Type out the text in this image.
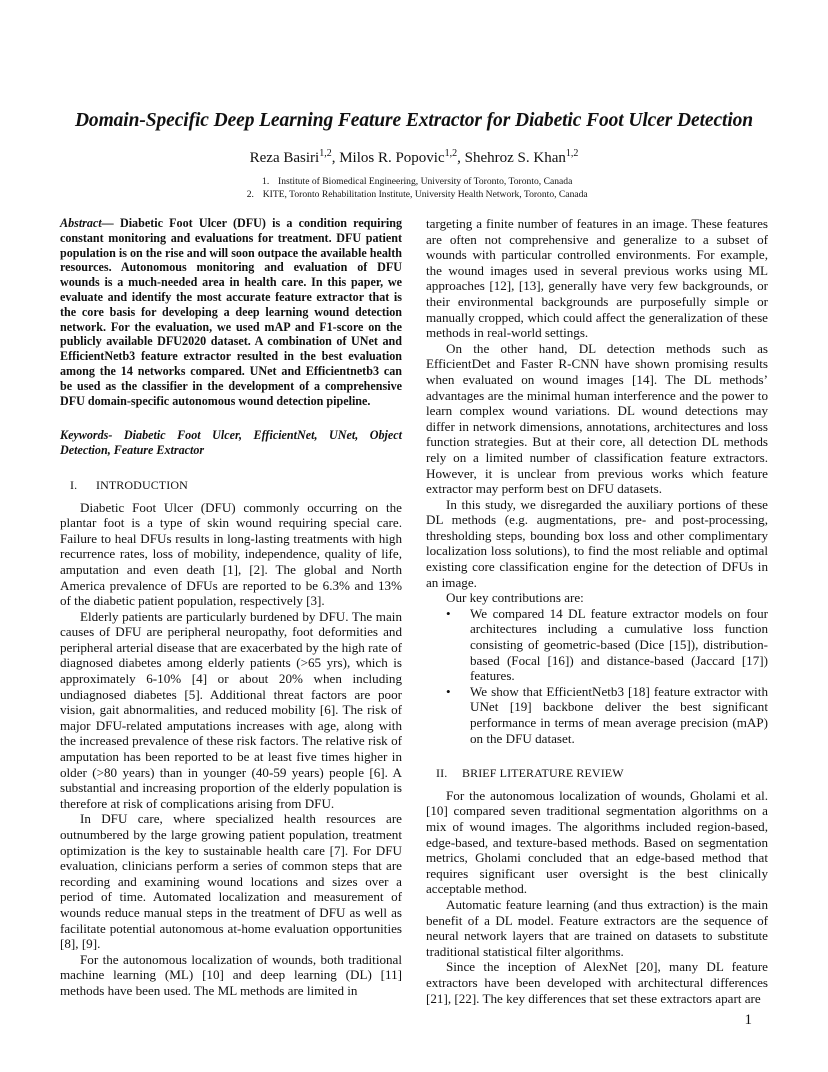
Domain-Specific Deep Learning Feature Extractor for Diabetic Foot Ulcer Detection
Reza Basiri$^{1,2}$, Milos R. Popovic$^{1,2}$, Shehroz S. Khan$^{1,2}$
1. Institute of Biomedical Engineering, University of Toronto, Toronto, Canada
2. KITE, Toronto Rehabilitation Institute, University Health Network, Toronto, Canada

Abstract— Diabetic Foot Ulcer (DFU) is a condition requiring constant monitoring and evaluations for treatment. DFU patient population is on the rise and will soon outpace the available health resources. Autonomous monitoring and evaluation of DFU wounds is a much-needed area in health care. In this paper, we evaluate and identify the most accurate feature extractor that is the core basis for developing a deep learning wound detection network. For the evaluation, we used mAP and F1-score on the publicly available DFU2020 dataset. A combination of UNet and EfficientNetb3 feature extractor resulted in the best evaluation among the 14 networks compared. UNet and Efficientnetb3 can be used as the classifier in the development of a comprehensive DFU domain-specific autonomous wound detection pipeline.

Keywords- Diabetic Foot Ulcer, EfficientNet, UNet, Object Detection, Feature Extractor

I. INTRODUCTION

Diabetic Foot Ulcer (DFU) commonly occurring on the plantar foot is a type of skin wound requiring special care. Failure to heal DFUs results in long-lasting treatments with high recurrence rates, loss of mobility, independence, quality of life, amputation and even death [1], [2]. The global and North America prevalence of DFUs are reported to be 6.3% and 13% of the diabetic patient population, respectively [3].

Elderly patients are particularly burdened by DFU. The main causes of DFU are peripheral neuropathy, foot deformities and peripheral arterial disease that are exacerbated by the high rate of diagnosed diabetes among elderly patients (>65 yrs), which is approximately 6-10% [4] or about 20% when including undiagnosed diabetes [5]. Additional threat factors are poor vision, gait abnormalities, and reduced mobility [6]. The risk of major DFU-related amputations increases with age, along with the increased prevalence of these risk factors. The relative risk of amputation has been reported to be at least five times higher in older (>80 years) than in younger (40-59 years) people [6]. A substantial and increasing proportion of the elderly population is therefore at risk of complications arising from DFU.

In DFU care, where specialized health resources are outnumbered by the large growing patient population, treatment optimization is the key to sustainable health care [7]. For DFU evaluation, clinicians perform a series of common steps that are recording and examining wound locations and sizes over a period of time. Automated localization and measurement of wounds reduce manual steps in the treatment of DFU as well as facilitate potential autonomous at-home evaluation opportunities [8], [9].

For the autonomous localization of wounds, both traditional machine learning (ML) [10] and deep learning (DL) [11] methods have been used. The ML methods are limited in

targeting a finite number of features in an image. These features are often not comprehensive and generalize to a subset of wounds with particular controlled environments. For example, the wound images used in several previous works using ML approaches [12], [13], generally have very few backgrounds, or their environmental backgrounds are purposefully simple or manually cropped, which could affect the generalization of these methods in real-world settings.

On the other hand, DL detection methods such as EfficientDet and Faster R-CNN have shown promising results when evaluated on wound images [14]. The DL methods’ advantages are the minimal human interference and the power to learn complex wound variations. DL wound detections may differ in network dimensions, annotations, architectures and loss function strategies. But at their core, all detection DL methods rely on a limited number of classification feature extractors. However, it is unclear from previous works which feature extractor may perform best on DFU datasets.

In this study, we disregarded the auxiliary portions of these DL methods (e.g. augmentations, pre- and post-processing, thresholding steps, bounding box loss and other complimentary localization loss solutions), to find the most reliable and optimal existing core classification engine for the detection of DFUs in an image.

Our key contributions are:
• We compared 14 DL feature extractor models on four architectures including a cumulative loss function consisting of geometric-based (Dice [15]), distribution-based (Focal [16]) and distance-based (Jaccard [17]) features.
• We show that EfficientNetb3 [18] feature extractor with UNet [19] backbone deliver the best significant performance in terms of mean average precision (mAP) on the DFU dataset.
II. BRIEF LITERATURE REVIEW

For the autonomous localization of wounds, Gholami et al. [10] compared seven traditional segmentation algorithms on a mix of wound images. The algorithms included region-based, edge-based, and texture-based methods. Based on segmentation metrics, Gholami concluded that an edge-based method that requires significant user oversight is the best clinically acceptable method.

Automatic feature learning (and thus extraction) is the main benefit of a DL model. Feature extractors are the sequence of neural network layers that are trained on datasets to substitute traditional statistical filter algorithms.

Since the inception of AlexNet [20], many DL feature extractors have been developed with architectural differences [21], [22]. The key differences that set these extractors apart are

1
